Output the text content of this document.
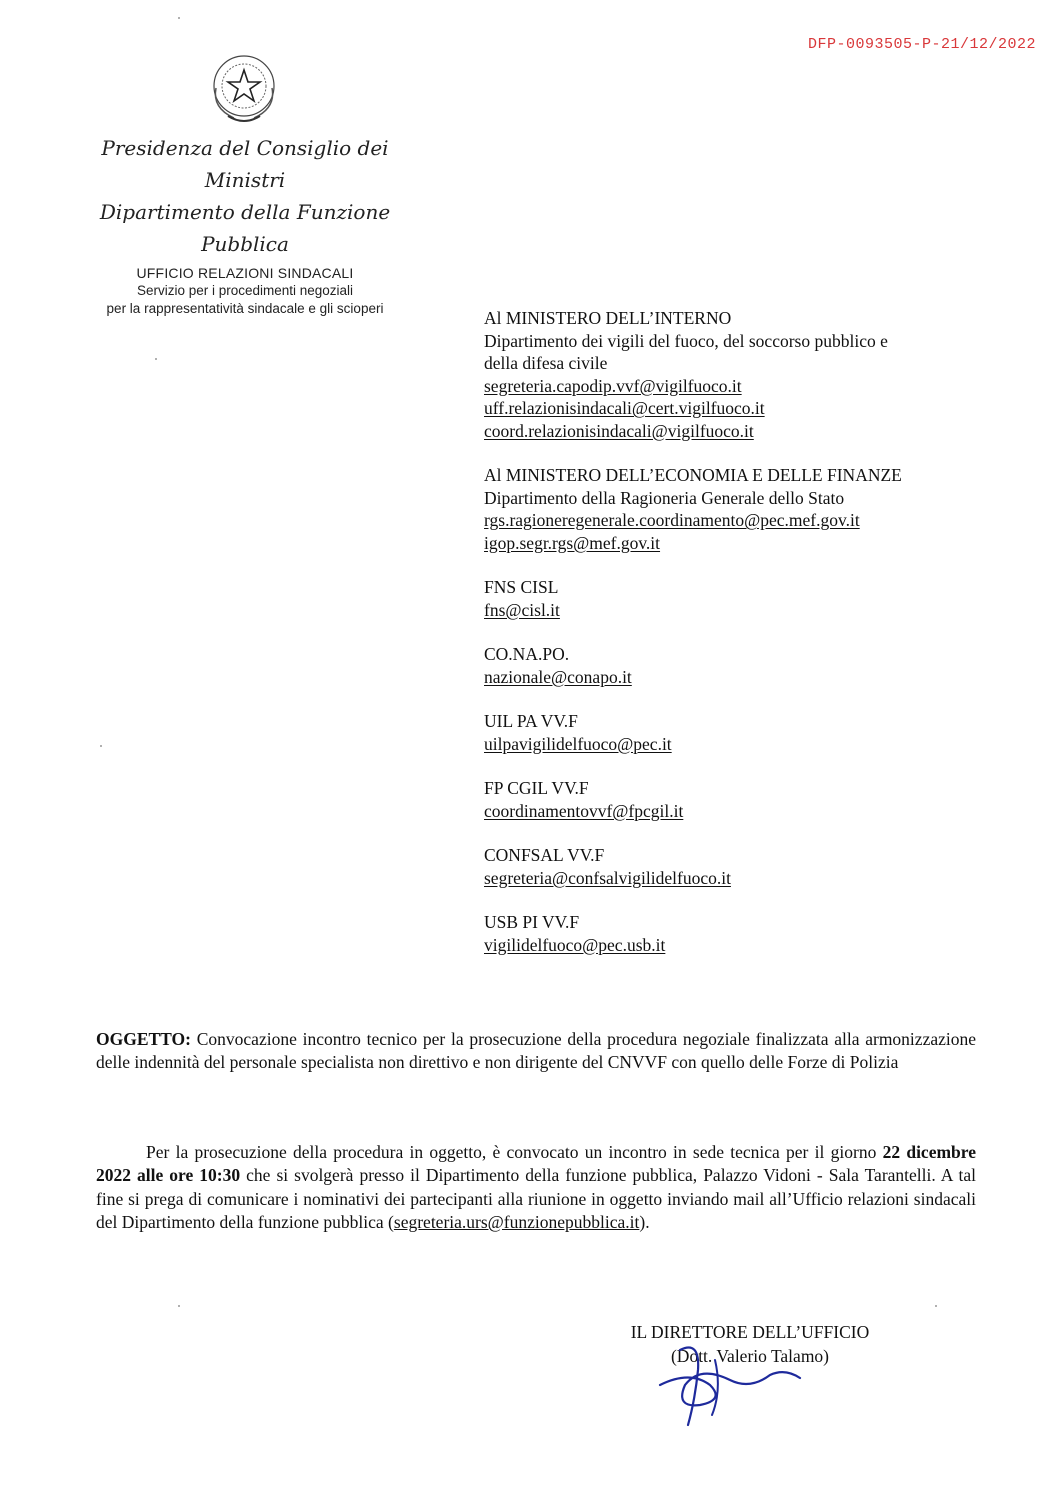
DFP-0093505-P-21/12/2022
Presidenza del Consiglio dei Ministri
Dipartimento della Funzione Pubblica
UFFICIO RELAZIONI SINDACALI
Servizio per i procedimenti negoziali
per la rappresentatività sindacale e gli scioperi	Al MINISTERO DELL’INTERNO
Dipartimento dei vigili del fuoco, del soccorso pubblico e
della difesa civile
segreteria.capodip.vvf@vigilfuoco.it
uff.relazionisindacali@cert.vigilfuoco.it
coord.relazionisindacali@vigilfuoco.it
Al MINISTERO DELL’ECONOMIA E DELLE FINANZE
Dipartimento della Ragioneria Generale dello Stato
rgs.ragioneregenerale.coordinamento@pec.mef.gov.it
igop.segr.rgs@mef.gov.it
FNS CISL
fns@cisl.it
CO.NA.PO.
nazionale@conapo.it
UIL PA VV.F
uilpavigilidelfuoco@pec.it
FP CGIL VV.F
coordinamentovvf@fpcgil.it
CONFSAL VV.F
segreteria@confsalvigilidelfuoco.it
USB PI VV.F
vigilidelfuoco@pec.usb.it
OGGETTO: Convocazione incontro tecnico per la prosecuzione della procedura negoziale finalizzata alla armonizzazione delle indennità del personale specialista non direttivo e non dirigente del CNVVF con quello delle Forze di Polizia
Per la prosecuzione della procedura in oggetto, è convocato un incontro in sede tecnica per il giorno 22 dicembre 2022 alle ore 10:30 che si svolgerà presso il Dipartimento della funzione pubblica, Palazzo Vidoni - Sala Tarantelli. A tal fine si prega di comunicare i nominativi dei partecipanti alla riunione in oggetto inviando mail all’Ufficio relazioni sindacali del Dipartimento della funzione pubblica (segreteria.urs@funzionepubblica.it).
IL DIRETTORE DELL’UFFICIO
(Dott. Valerio Talamo)
